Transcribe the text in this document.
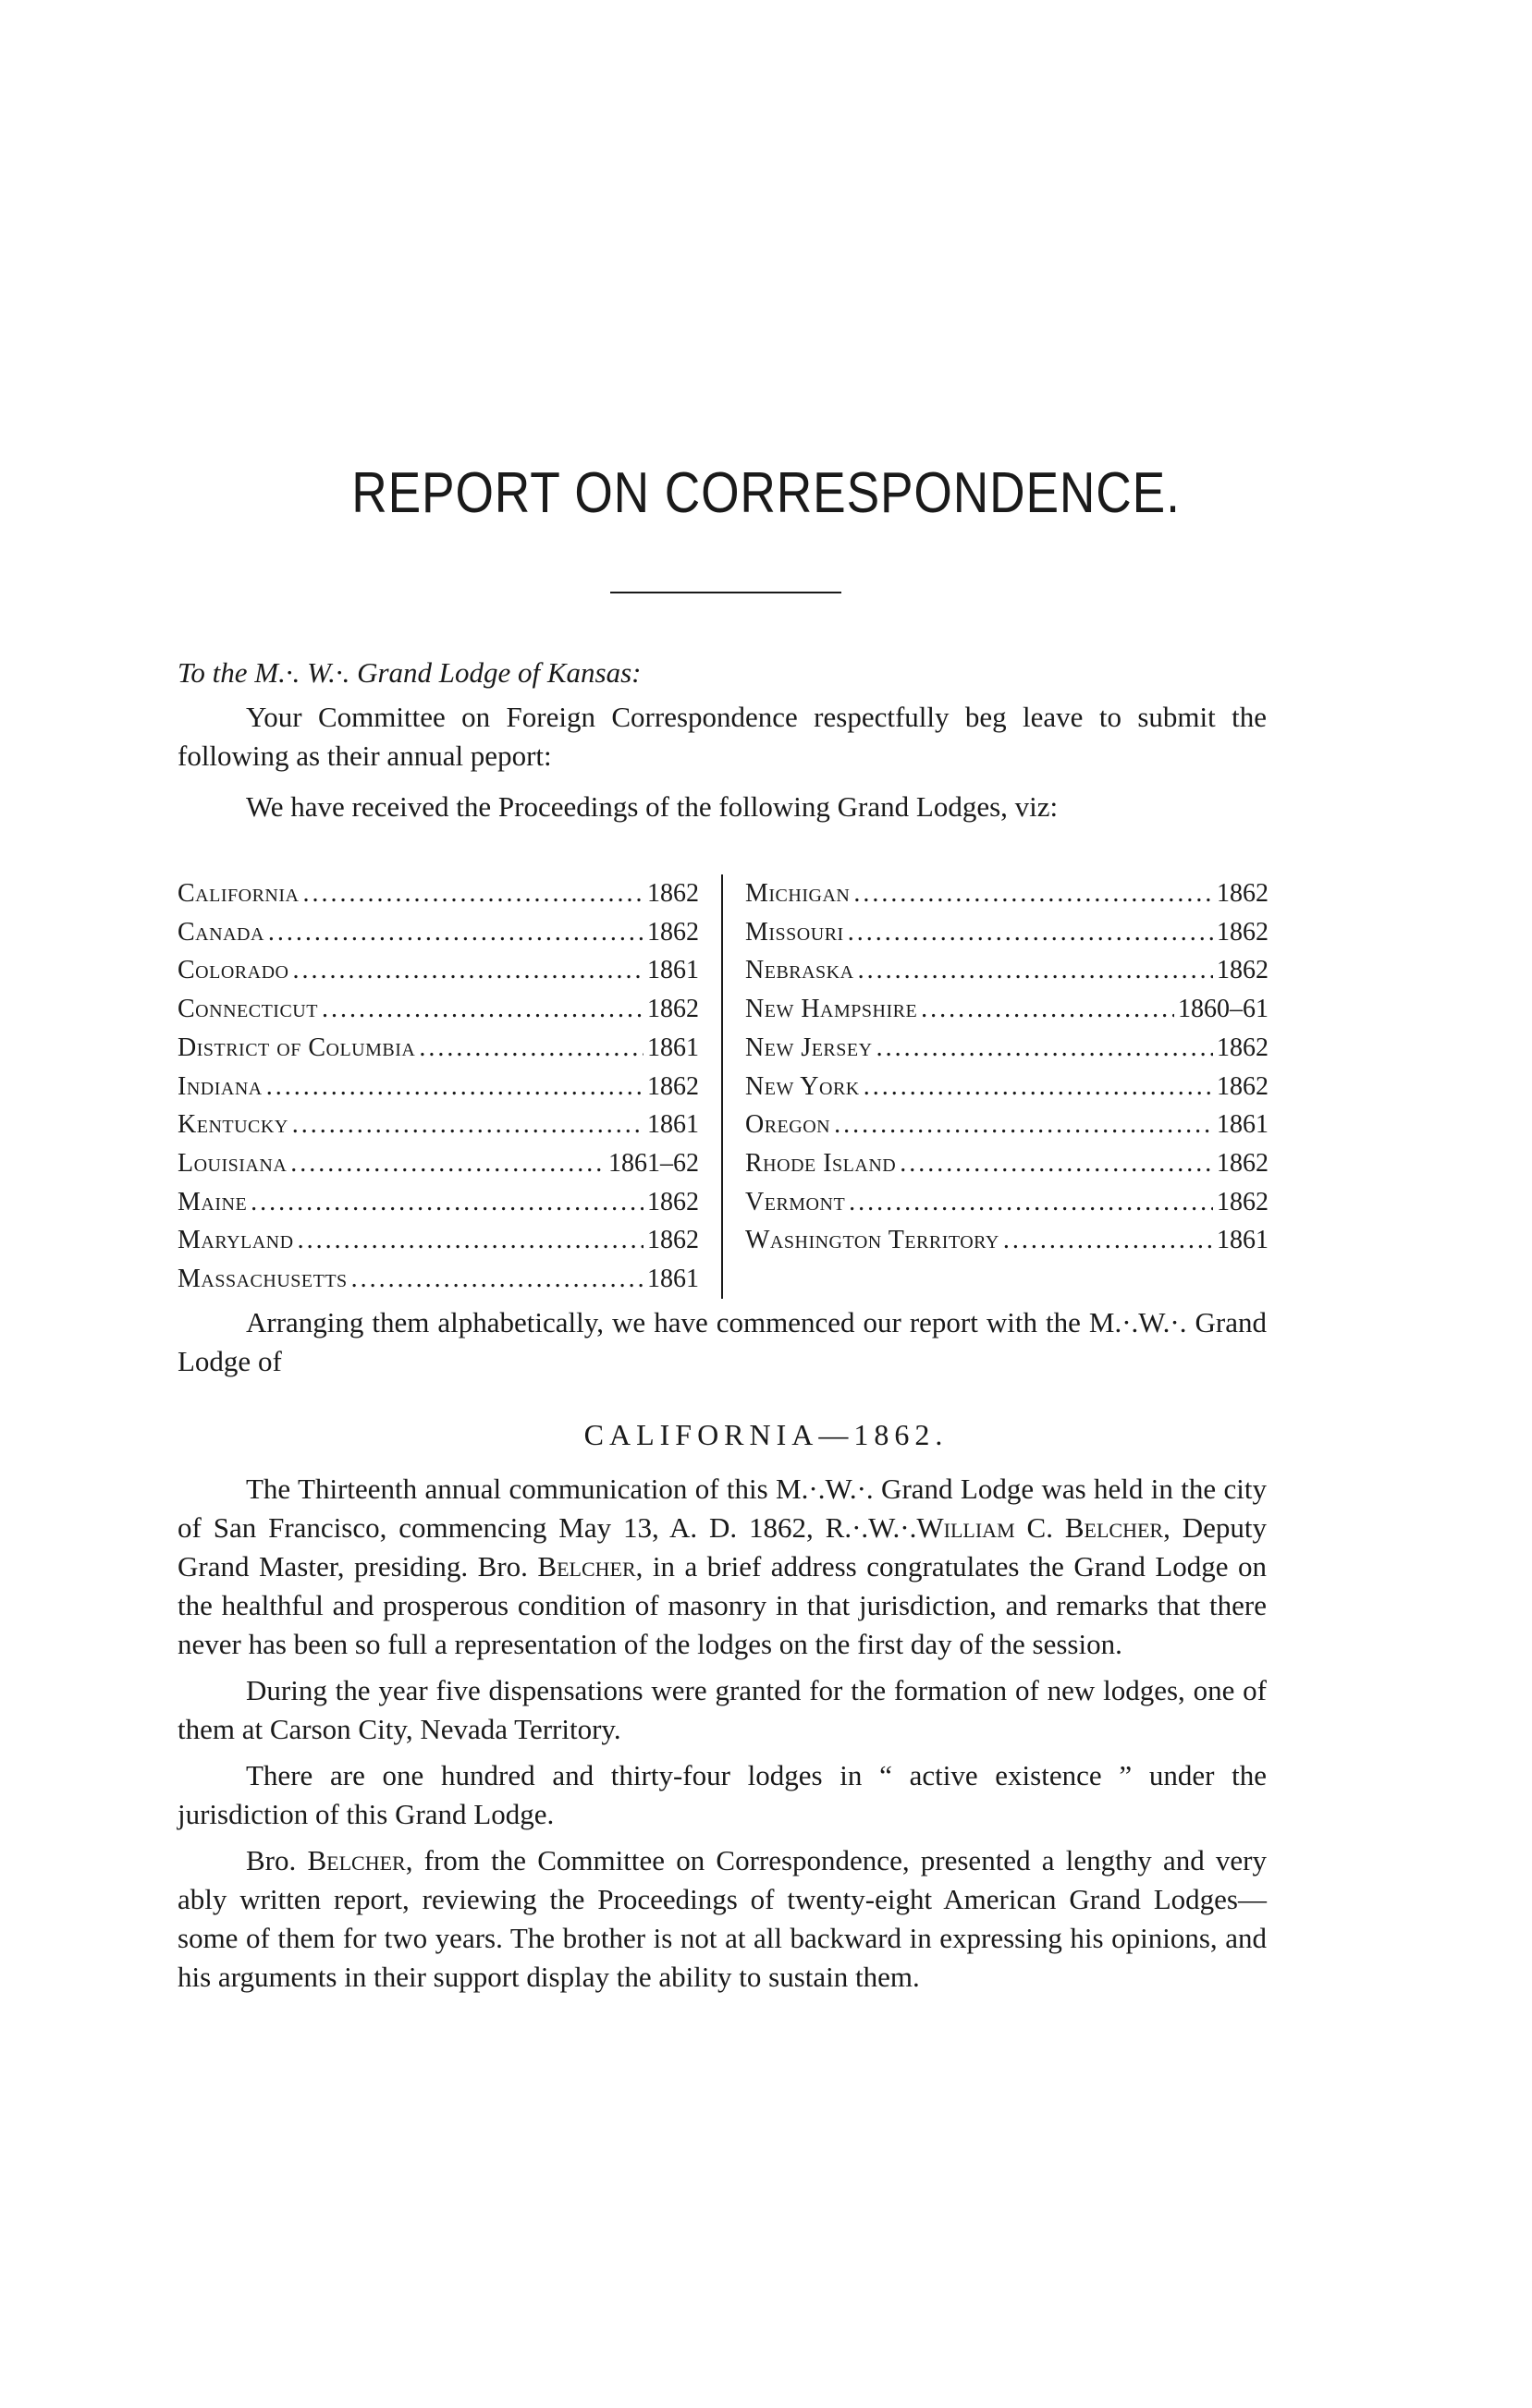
REPORT ON CORRESPONDENCE.
To the M.·. W.·. Grand Lodge of Kansas:

Your Committee on Foreign Correspondence respectfully beg leave to submit the following as their annual peport:

We have received the Proceedings of the following Grand Lodges, viz:

California .....	1862
Canada .....	1862
Colorado .....	1861
Connecticut .....	1862
District of Columbia .....	1861
Indiana .....	1862
Kentucky .....	1861
Louisiana .....	1861–62
Maine .....	1862
Maryland .....	1862
Massachusetts .....	1861
Michigan .....	1862
Missouri .....	1862
Nebraska .....	1862
New Hampshire .....	1860–61
New Jersey .....	1862
New York .....	1862
Oregon .....	1861
Rhode Island .....	1862
Vermont .....	1862
Washington Territory .....	1861

Arranging them alphabetically, we have commenced our report with the M.·.W.·. Grand Lodge of

CALIFORNIA—1862.

The Thirteenth annual communication of this M.·.W.·. Grand Lodge was held in the city of San Francisco, commencing May 13, A. D. 1862, R.·.W.·.William C. Belcher, Deputy Grand Master, presiding. Bro. Belcher, in a brief address congratulates the Grand Lodge on the healthful and prosperous condition of masonry in that jurisdiction, and remarks that there never has been so full a representation of the lodges on the first day of the session.

During the year five dispensations were granted for the formation of new lodges, one of them at Carson City, Nevada Territory.

There are one hundred and thirty-four lodges in “ active existence ” under the jurisdiction of this Grand Lodge.

Bro. Belcher, from the Committee on Correspondence, presented a lengthy and very ably written report, reviewing the Proceedings of twenty-eight American Grand Lodges—some of them for two years. The brother is not at all backward in expressing his opinions, and his arguments in their support display the ability to sustain them.
